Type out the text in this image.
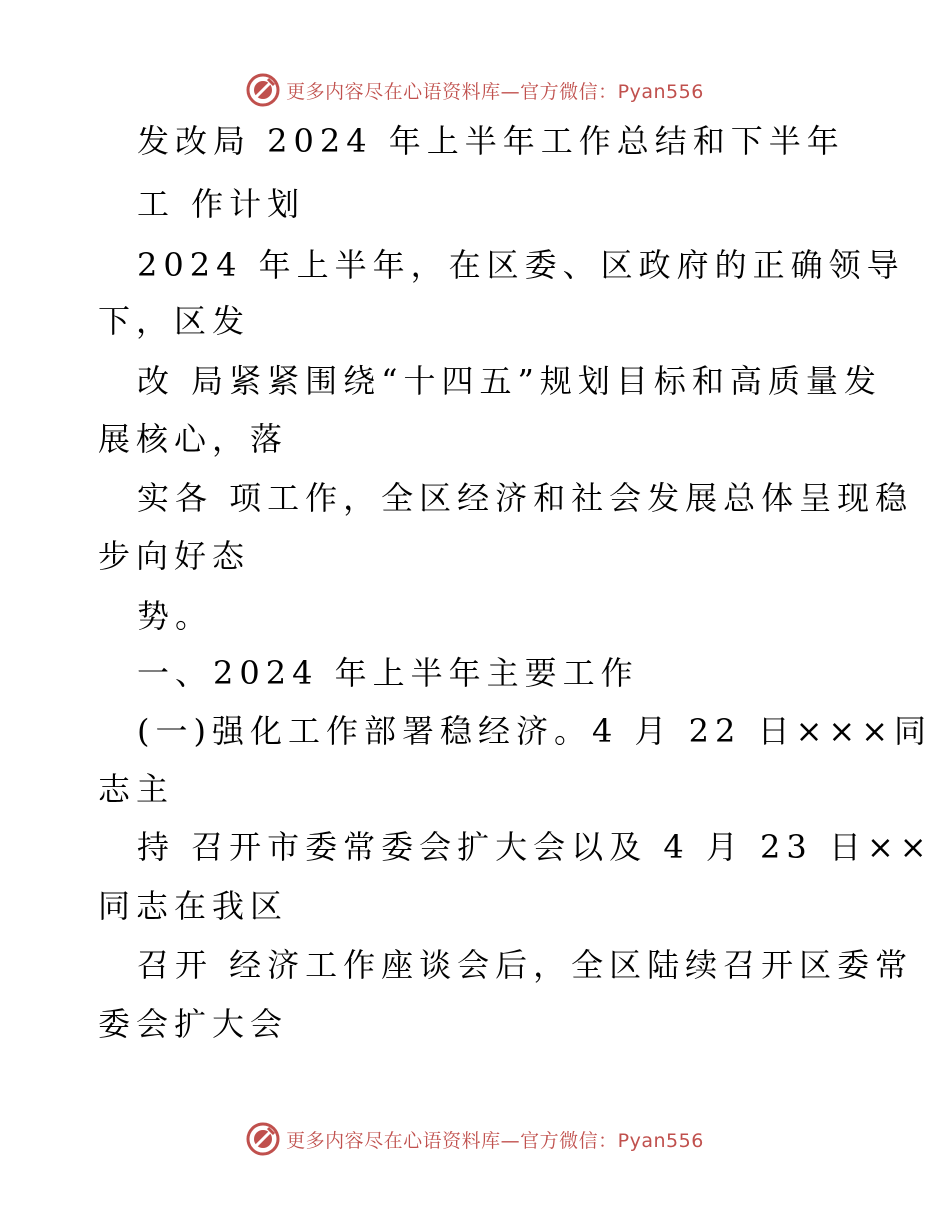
更多内容尽在心语资料库—官方微信：Pyan556
发改局 2024 年上半年工作总结和下半年
工 作计划
2024 年上半年，在区委、区政府的正确领导
下，区发
改 局紧紧围绕“十四五”规划目标和高质量发
展核心，落
实各 项工作，全区经济和社会发展总体呈现稳
步向好态
势。
一、2024 年上半年主要工作
(一)强化工作部署稳经济。4 月 22 日×××同
志主
持 召开市委常委会扩大会以及 4 月 23 日××
同志在我区
召开 经济工作座谈会后，全区陆续召开区委常
委会扩大会
更多内容尽在心语资料库—官方微信：Pyan556
